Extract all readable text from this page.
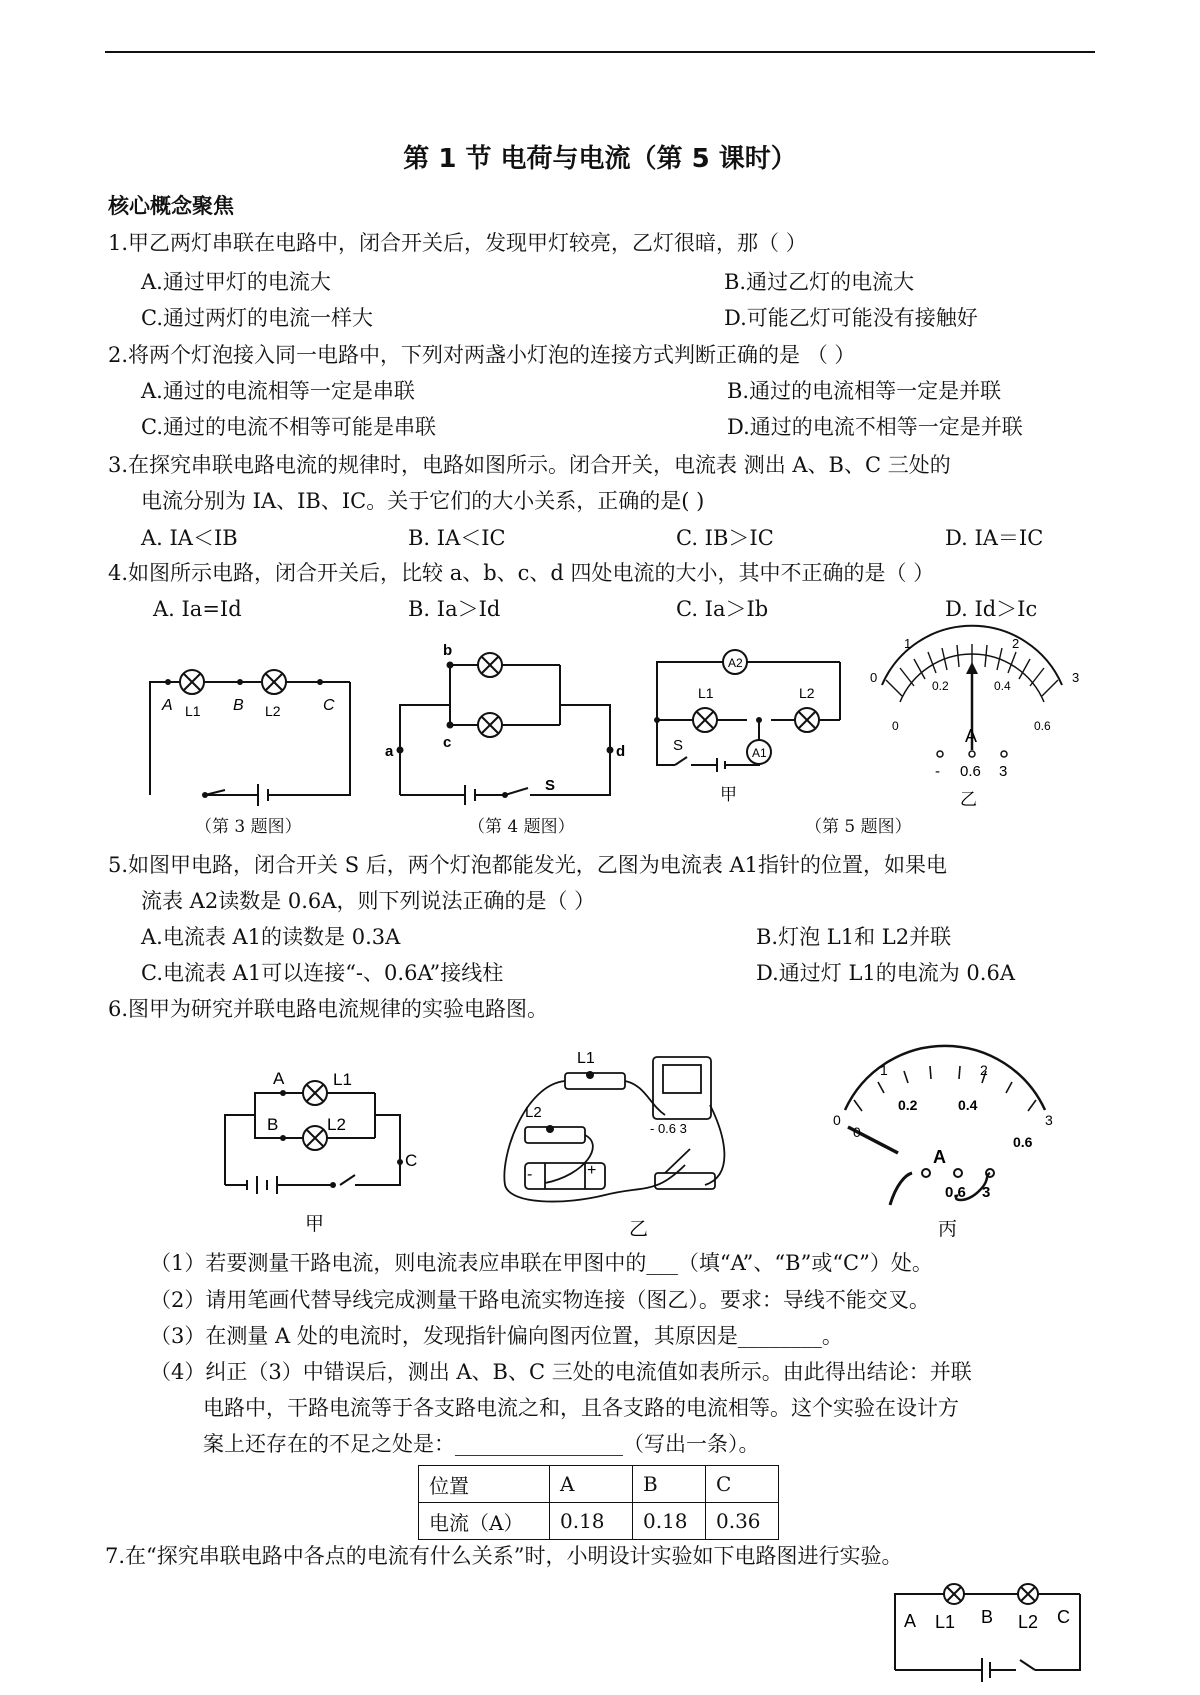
第 1 节 电荷与电流（第 5 课时）
核心概念聚焦
1.甲乙两灯串联在电路中，闭合开关后，发现甲灯较亮，乙灯很暗，那（ ）
A.通过甲灯的电流大	B.通过乙灯的电流大
C.通过两灯的电流一样大	D.可能乙灯可能没有接触好
2.将两个灯泡接入同一电路中，下列对两盏小灯泡的连接方式判断正确的是 （ ）
A.通过的电流相等一定是串联	B.通过的电流相等一定是并联
C.通过的电流不相等可能是串联	D.通过的电流不相等一定是并联
3.在探究串联电路电流的规律时，电路如图所示。闭合开关，电流表 测出 A、B、C 三处的
电流分别为 IA、IB、IC。关于它们的大小关系，正确的是( )
A. IA＜IB	B. IA＜IC	C. IB＞IC	D. IA＝IC
4.如图所示电路，闭合开关后，比较 a、b、c、d 四处电流的大小，其中不正确的是（ ）
A. Ia=Id	B. Ia＞Id	C. Ia＞Ib	D. Id＞Ic
A	B	C
L1	L2
（第 3 题图）
a
b
c
d
S
（第 4 题图）
A2
A1
L1	L2
S
甲
0
1	2
3
0
0.2	0.4
0.6
A
- 0.6 3
乙
（第 5 题图）
5.如图甲电路，闭合开关 S 后，两个灯泡都能发光，乙图为电流表 A1指针的位置，如果电
流表 A2读数是 0.6A，则下列说法正确的是（ ）
A.电流表 A1的读数是 0.3A	B.灯泡 L1和 L2并联
C.电流表 A1可以连接“-、0.6A”接线柱	D.通过灯 L1的电流为 0.6A
6.图甲为研究并联电路电流规律的实验电路图。
A
B
C
L1
L2
甲
L1
L2
- 0.6 3
-	+
乙
0
1	2
3
0
0.2	0.4
0.6
A
0.6 3
丙
（1）若要测量干路电流，则电流表应串联在甲图中的___（填“A”、“B”或“C”）处。
（2）请用笔画代替导线完成测量干路电流实物连接（图乙）。要求：导线不能交叉。
（3）在测量 A 处的电流时，发现指针偏向图丙位置，其原因是________。
（4）纠正（3）中错误后，测出 A、B、C 三处的电流值如表所示。由此得出结论：并联
电路中，干路电流等于各支路电流之和，且各支路的电流相等。这个实验在设计方
案上还存在的不足之处是：________________（写出一条）。
位置	A	B	C
电流（A）	0.18	0.18	0.36
7.在“探究串联电路中各点的电流有什么关系”时，小明设计实验如下电路图进行实验。
A	B	C
L1	L2
